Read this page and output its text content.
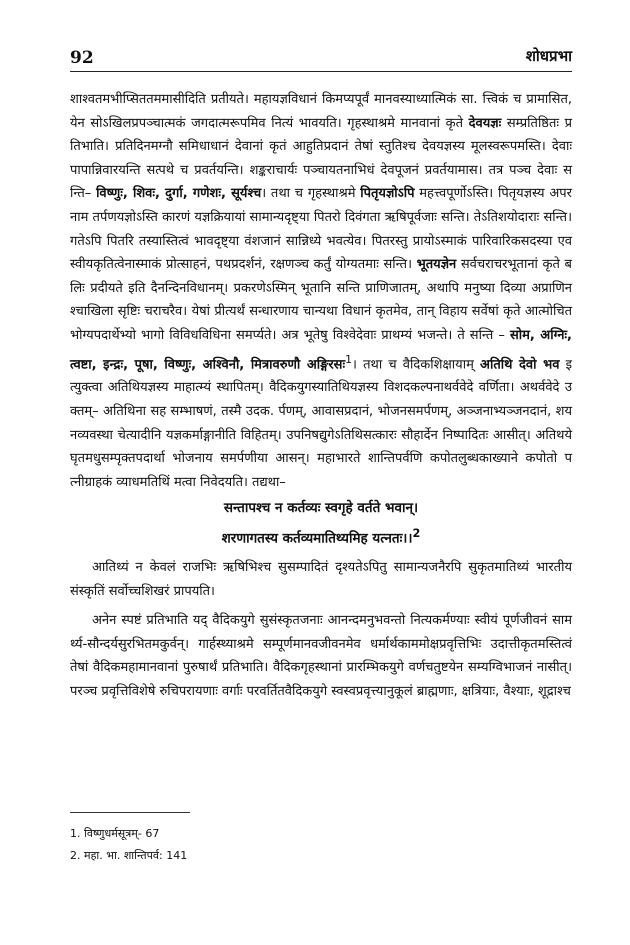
92	शोधप्रभा

शाश्वतमभीप्सिततममासीदिति प्रतीयते। महायज्ञविधानं किमप्यपूर्वं मानवस्याध्यात्मिकं सा. त्त्विकं च प्रामासित, येन सोऽखिलप्रपञ्चात्मकं जगदात्मरूपमिव नित्यं भावयति। गृहस्थाश्रमे मानवानां कृते देवयज्ञः सम्प्रतिष्ठितः प्रतिभाति। प्रतिदिनमग्नौ समिधाधानं देवानां कृतं आहुतिप्रदानं तेषां स्तुतिश्च देवयज्ञस्य मूलस्वरूपमस्ति। देवाः पापान्निवारयन्ति सत्पथे च प्रवर्तयन्ति। शङ्कराचार्यः पञ्चायतनाभिधं देवपूजनं प्रवर्तयामास। तत्र पञ्च देवाः सन्ति– विष्णुः, शिवः, दुर्गा, गणेशः, सूर्यश्च। तथा च गृहस्थाश्रमे पितृयज्ञोऽपि महत्त्वपूर्णोऽस्ति। पितृयज्ञस्य अपरनाम तर्पणयज्ञोऽस्ति कारणं यज्ञक्रियायां सामान्यदृष्ट्या पितरो दिवंगता ऋषिपूर्वजाः सन्ति। तेऽतिशयोदाराः सन्ति। गतेऽपि पितरि तस्यास्तित्वं भावदृष्ट्या वंशजानं सान्निध्ये भवत्येव। पितरस्तु प्रायोऽस्माकं पारिवारिकसदस्या एव स्वीयकृतित्वेनास्माकं प्रोत्साहनं, पथप्रदर्शनं, रक्षणञ्च कर्तुं योग्यतमाः सन्ति। भूतयज्ञेन सर्वचराचरभूतानां कृते बलिः प्रदीयते इति दैनन्दिनविधानम्। प्रकरणेऽस्मिन् भूतानि सन्ति प्राणिजातम्, अथापि मनुष्या दिव्या अप्राणिनश्चाखिला सृष्टिः चराचरैव। येषां प्रीत्यर्थं सन्धारणाय चान्यथा विधानं कृतमेव, तान् विहाय सर्वेषां कृते आत्मोचितभोग्यपदार्थेभ्यो भागो विविधविधिना समर्प्यते। अत्र भूतेषु विश्वेदेवाः प्राथम्यं भजन्ते। ते सन्ति – सोम, अग्निः, त्वष्टा, इन्द्रः, पूषा, विष्णुः, अश्विनौ, मित्रावरुणौ अङ्गिरसः$^1$। तथा च वैदिकशिक्षायाम् अतिथि देवो भव इत्युक्त्वा अतिथियज्ञस्य माहात्म्यं स्थापितम्। वैदिकयुगस्यातिथियज्ञस्य विशदकल्पनाथर्ववेदे वर्णिता। अथर्ववेदे उक्तम्– अतिथिना सह सम्भाषणं, तस्मै उदक. र्पणम्, आवासप्रदानं, भोजनसमर्पणम्, अञ्जनाभ्यञ्जनदानं, शयनव्यवस्था चेत्यादीनि यज्ञकर्माङ्गानीति विहितम्। उपनिषद्युगेऽतिथिसत्कारः सौहार्देन निष्पादितः आसीत्। अतिथये घृतमधुसम्पृक्तपदार्था भोजनाय समर्पणीया आसन्। महाभारते शान्तिपर्वणि कपोतलुब्धकाख्याने कपोतो पत्नीग्राहकं व्याधमतिथिं मत्वा निवेदयति। तद्यथा–

सन्तापश्च न कर्तव्यः स्वगृहे वर्तते भवान्।
शरणागतस्य कर्तव्यमातिथ्यमिह यत्नतः।।$^2$

आतिथ्यं न केवलं राजभिः ऋषिभिश्च सुसम्पादितं दृश्यतेऽपितु सामान्यजनैरपि सुकृतमातिथ्यं भारतीयसंस्कृतिं सर्वोच्चशिखरं प्रापयति।

अनेन स्पष्टं प्रतिभाति यद् वैदिकयुगे सुसंस्कृतजनाः आनन्दमनुभवन्तो नित्यकर्मण्याः स्वीयं पूर्णजीवनं सामर्थ्य-सौन्दर्यसुरभितमकुर्वन्। गार्हस्थ्याश्रमे सम्पूर्णमानवजीवनमेव धर्मार्थकाममोक्षप्रवृत्तिभिः उदात्तीकृतमस्तित्वं तेषां वैदिकमहामानवानां पुरुषार्थं प्रतिभाति। वैदिकगृहस्थानां प्रारम्भिकयुगे वर्णचतुष्टयेन सम्यग्विभाजनं नासीत्। परञ्च प्रवृत्तिविशेषे रुचिपरायणाः वर्गाः परवर्तितवैदिकयुगे स्वस्वप्रवृत्त्यानुकूलं ब्राह्मणाः, क्षत्रियाः, वैश्याः, शूद्राश्च

1. विष्णुधर्मसूत्रम्- 67
2. महा. भा. शान्तिपर्व: 141
